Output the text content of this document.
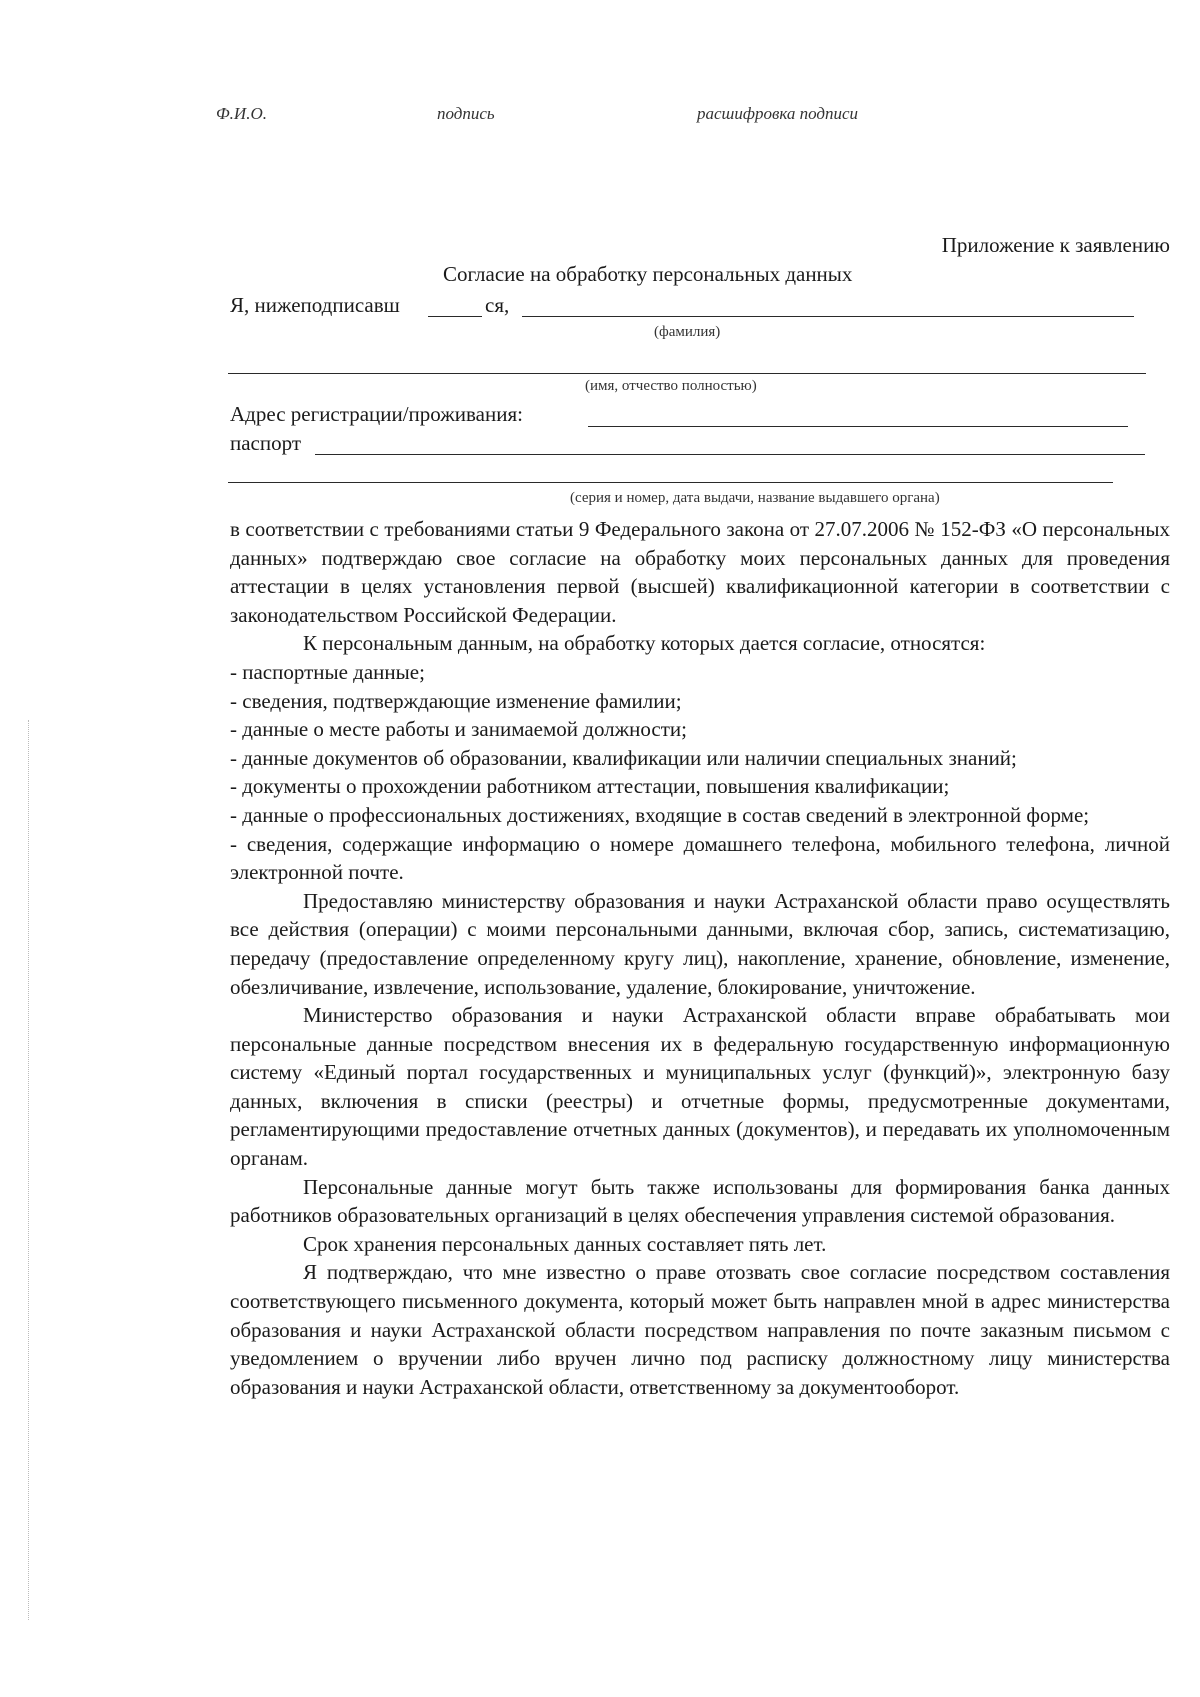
Ф.И.О.	подпись	расшифровка подписи
Приложение к заявлению
Согласие на обработку персональных данных
Я, нижеподписавш	ся,
(фамилия)
(имя, отчество полностью)
Адрес регистрации/проживания:
паспорт
(серия и номер, дата выдачи, название выдавшего органа)

в соответствии с требованиями статьи 9 Федерального закона от 27.07.2006 № 152-ФЗ «О персональных данных» подтверждаю свое согласие на обработку моих персональных данных для проведения аттестации в целях установления первой (высшей) квалификационной категории в соответствии с законодательством Российской Федерации.

К персональным данным, на обработку которых дается согласие, относятся:

- паспортные данные;

- сведения, подтверждающие изменение фамилии;

- данные о месте работы и занимаемой должности;

- данные документов об образовании, квалификации или наличии специальных знаний;

- документы о прохождении работником аттестации, повышения квалификации;

- данные о профессиональных достижениях, входящие в состав сведений в электронной форме;

- сведения, содержащие информацию о номере домашнего телефона, мобильного телефона, личной электронной почте.

Предоставляю министерству образования и науки Астраханской области право осуществлять все действия (операции) с моими персональными данными, включая сбор, запись, систематизацию, передачу (предоставление определенному кругу лиц), накопление, хранение, обновление, изменение, обезличивание, извлечение, использование, удаление, блокирование, уничтожение.

Министерство образования и науки Астраханской области вправе обрабатывать мои персональные данные посредством внесения их в федеральную государственную информационную систему «Единый портал государственных и муниципальных услуг (функций)», электронную базу данных, включения в списки (реестры) и отчетные формы, предусмотренные документами, регламентирующими предоставление отчетных данных (документов), и передавать их уполномоченным органам.

Персональные данные могут быть также использованы для формирования банка данных работников образовательных организаций в целях обеспечения управления системой образования.

Срок хранения персональных данных составляет пять лет.

Я подтверждаю, что мне известно о праве отозвать свое согласие посредством составления соответствующего письменного документа, который может быть направлен мной в адрес министерства образования и науки Астраханской области посредством направления по почте заказным письмом с уведомлением о вручении либо вручен лично под расписку должностному лицу министерства образования и науки Астраханской области, ответственному за документооборот.
